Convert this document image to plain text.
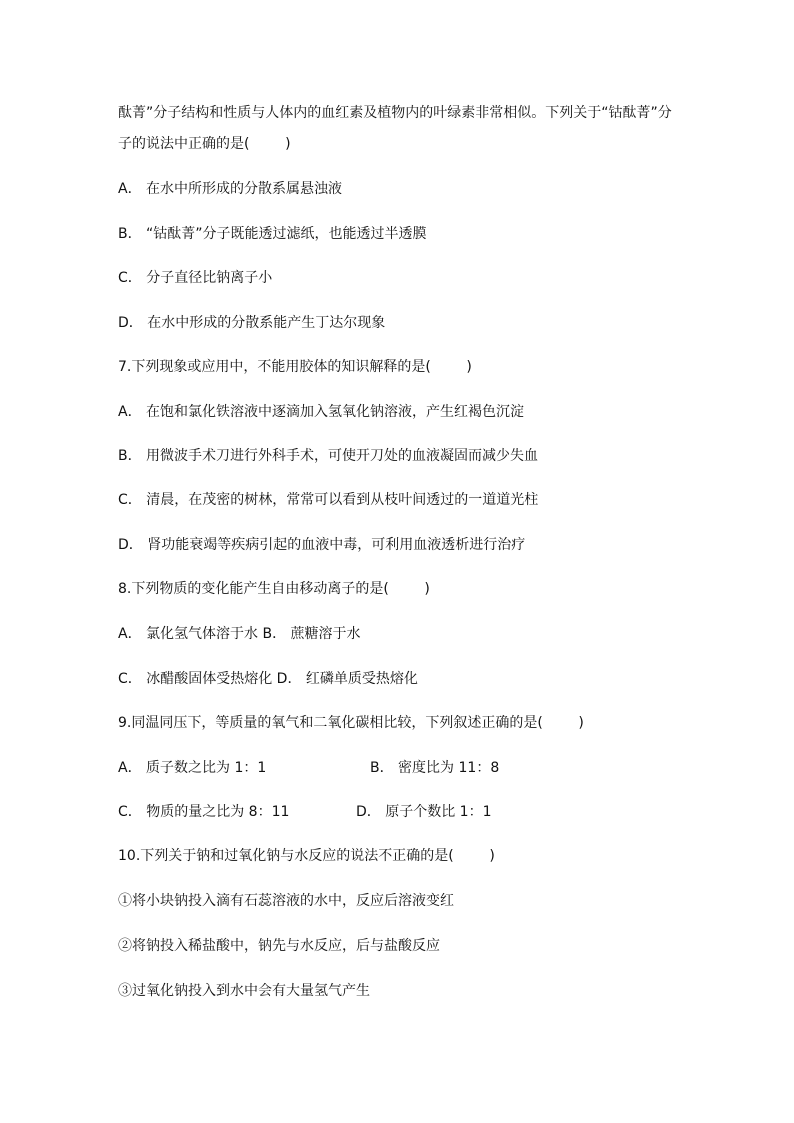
酞菁”分子结构和性质与人体内的血红素及植物内的叶绿素非常相似。下列关于“钴酞菁”分
子的说法中正确的是(        )
A． 在水中所形成的分散系属悬浊液
B． “钴酞菁”分子既能透过滤纸，也能透过半透膜
C． 分子直径比钠离子小
D． 在水中形成的分散系能产生丁达尔现象
7.下列现象或应用中，不能用胶体的知识解释的是(        )
A． 在饱和氯化铁溶液中逐滴加入氢氧化钠溶液，产生红褐色沉淀
B． 用微波手术刀进行外科手术，可使开刀处的血液凝固而减少失血
C． 清晨，在茂密的树林，常常可以看到从枝叶间透过的一道道光柱
D． 肾功能衰竭等疾病引起的血液中毒，可利用血液透析进行治疗
8.下列物质的变化能产生自由移动离子的是(        )
A． 氯化氢气体溶于水 B． 蔗糖溶于水
C． 冰醋酸固体受热熔化 D． 红磷单质受热熔化
9.同温同压下，等质量的氧气和二氧化碳相比较，下列叙述正确的是(        )
A． 质子数之比为 1：1	B． 密度比为 11：8
C． 物质的量之比为 8：11	D． 原子个数比 1：1
10.下列关于钠和过氧化钠与水反应的说法不正确的是(        )
①将小块钠投入滴有石蕊溶液的水中，反应后溶液变红
②将钠投入稀盐酸中，钠先与水反应，后与盐酸反应
③过氧化钠投入到水中会有大量氢气产生
